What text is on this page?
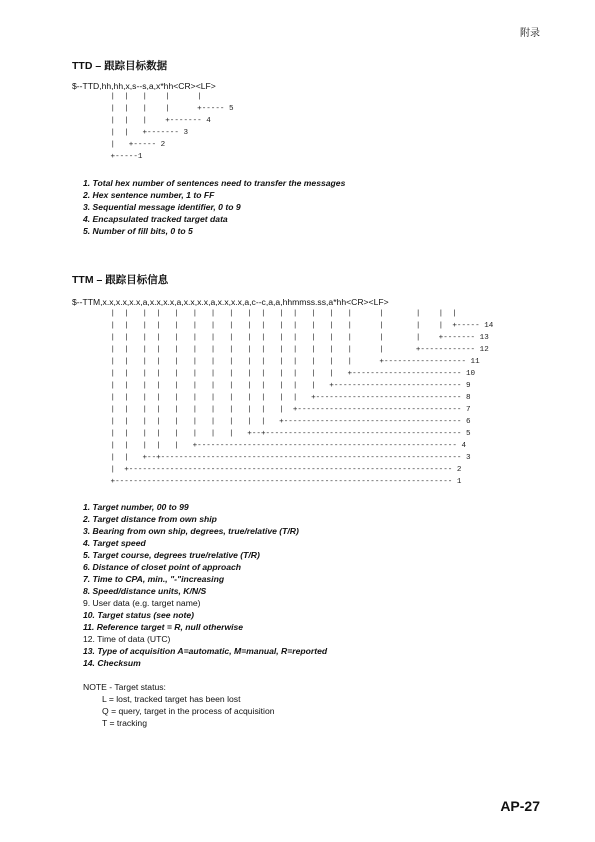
附录
TTD – 跟踪目标数据
$--TTD,hh,hh,x,s--s,a,x*hh<CR><LF>
|  |   |    |      |
|  |   |    |      +----- 5
|  |   |    +------- 4
|  |   +------- 3
|   +----- 2
+-----1
1. Total hex number of sentences need to transfer the messages
2. Hex sentence number, 1 to FF
3. Sequential message identifier, 0 to 9
4. Encapsulated tracked target data
5. Number of fill bits, 0 to 5
TTM – 跟踪目标信息
$--TTM,x.x,x.x,x.x,a,x.x,x.x,a,x.x,x.x,a,x.x,x.x,a,c--c,a,a,hhmmss.ss,a*hh<CR><LF>
|  |   |  |   |   |   |   |   |  |   |  |   |   |   |      |       |    |  |
|  |   |  |   |   |   |   |   |  |   |  |   |   |   |      |       |    |  +----- 14
|  |   |  |   |   |   |   |   |  |   |  |   |   |   |      |       |    +------- 13
|  |   |  |   |   |   |   |   |  |   |  |   |   |   |      |       +------------ 12
|  |   |  |   |   |   |   |   |  |   |  |   |   |   |      +------------------ 11
|  |   |  |   |   |   |   |   |  |   |  |   |   |   +------------------------ 10
|  |   |  |   |   |   |   |   |  |   |  |   |   +---------------------------- 9
|  |   |  |   |   |   |   |   |  |   |  |   +-------------------------------- 8
|  |   |  |   |   |   |   |   |  |   |  +------------------------------------ 7
|  |   |  |   |   |   |   |   |  |   +--------------------------------------- 6
|  |   |  |   |   |   |   |   +--+------------------------------------------- 5
|  |   |  |   |   +--------------------------------------------------------- 4
|  |   +--+------------------------------------------------------------------ 3
|  +----------------------------------------------------------------------- 2
+-------------------------------------------------------------------------- 1
1. Target number, 00 to 99
2. Target distance from own ship
3. Bearing from own ship, degrees, true/relative (T/R)
4. Target speed
5. Target course, degrees true/relative (T/R)
6. Distance of closet point of approach
7. Time to CPA, min., "-"increasing
8. Speed/distance units, K/N/S
9. User data (e.g. target name)
10. Target status (see note)
11. Reference target = R, null otherwise
12. Time of data (UTC)
13. Type of acquisition A=automatic, M=manual, R=reported
14. Checksum
NOTE - Target status:
L = lost, tracked target has been lost
Q = query, target in the process of acquisition
T = tracking
AP-27
